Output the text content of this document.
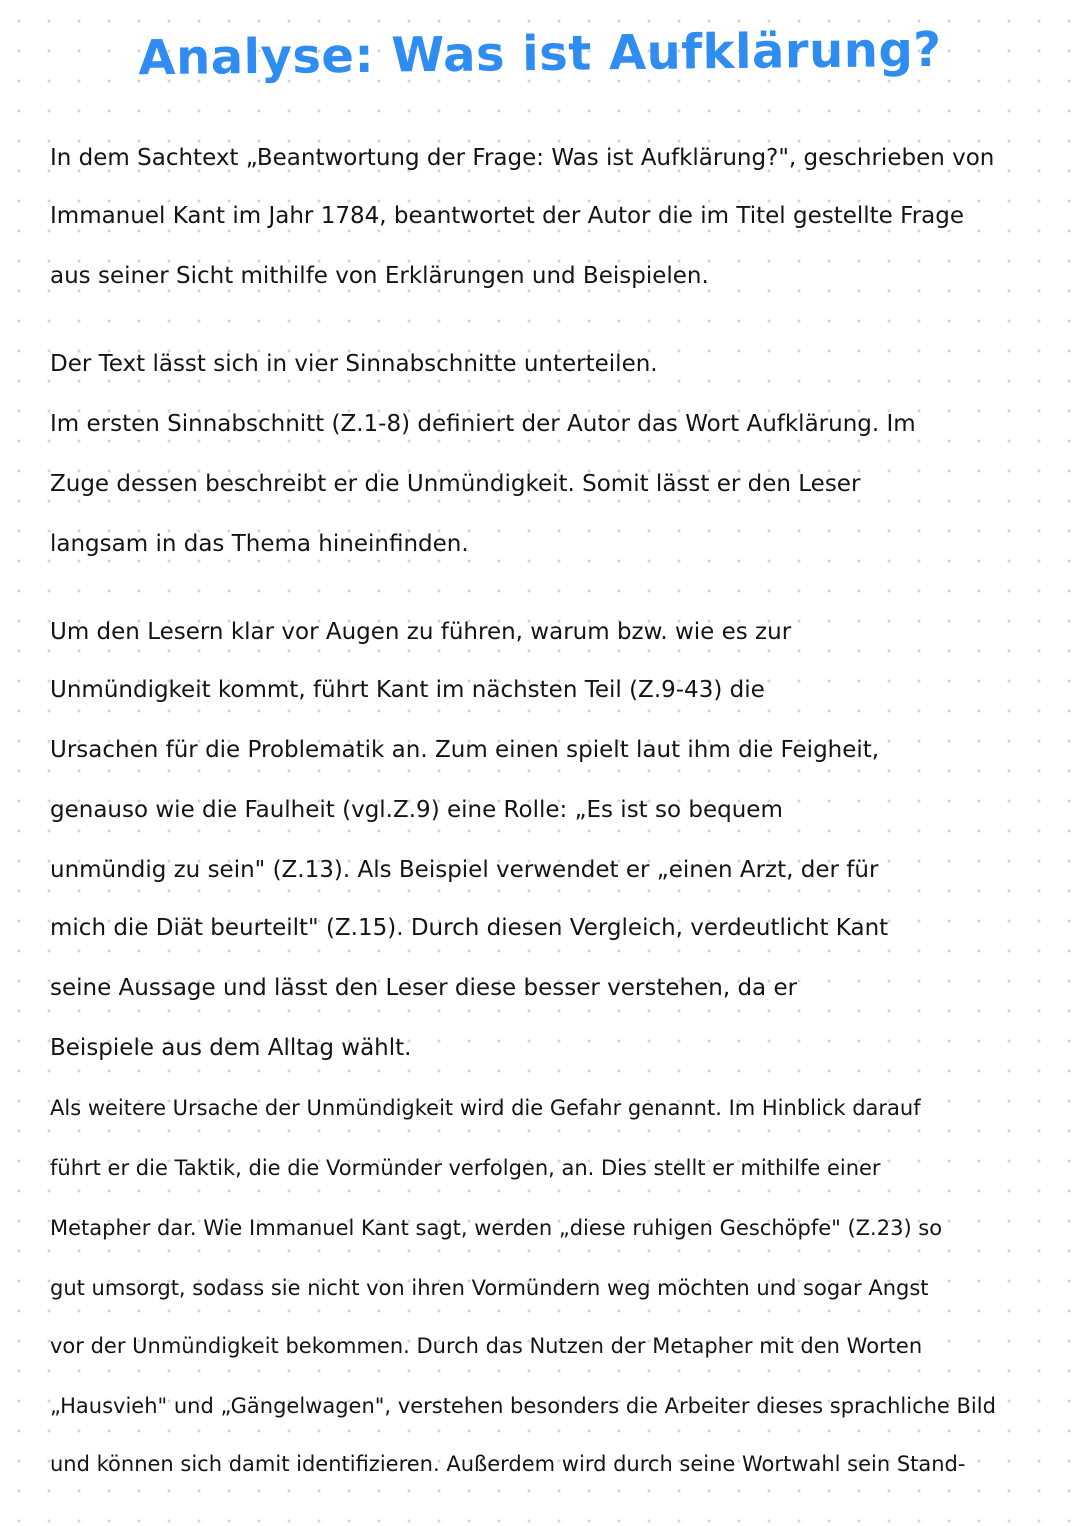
Analyse: Was ist Aufklärung?
In dem Sachtext „Beantwortung der Frage: Was ist Aufklärung?", geschrieben von
Immanuel Kant im Jahr 1784, beantwortet der Autor die im Titel gestellte Frage
aus seiner Sicht mithilfe von Erklärungen und Beispielen.
Der Text lässt sich in vier Sinnabschnitte unterteilen.
Im ersten Sinnabschnitt (Z.1-8) definiert der Autor das Wort Aufklärung. Im
Zuge dessen beschreibt er die Unmündigkeit. Somit lässt er den Leser
langsam in das Thema hineinfinden.
Um den Lesern klar vor Augen zu führen, warum bzw. wie es zur
Unmündigkeit kommt, führt Kant im nächsten Teil (Z.9-43) die
Ursachen für die Problematik an. Zum einen spielt laut ihm die Feigheit,
genauso wie die Faulheit (vgl.Z.9) eine Rolle: „Es ist so bequem
unmündig zu sein" (Z.13). Als Beispiel verwendet er „einen Arzt, der für
mich die Diät beurteilt" (Z.15). Durch diesen Vergleich, verdeutlicht Kant
seine Aussage und lässt den Leser diese besser verstehen, da er
Beispiele aus dem Alltag wählt.
Als weitere Ursache der Unmündigkeit wird die Gefahr genannt. Im Hinblick darauf
führt er die Taktik, die die Vormünder verfolgen, an. Dies stellt er mithilfe einer
Metapher dar. Wie Immanuel Kant sagt, werden „diese ruhigen Geschöpfe" (Z.23) so
gut umsorgt, sodass sie nicht von ihren Vormündern weg möchten und sogar Angst
vor der Unmündigkeit bekommen. Durch das Nutzen der Metapher mit den Worten
„Hausvieh" und „Gängelwagen", verstehen besonders die Arbeiter dieses sprachliche Bild
und können sich damit identifizieren. Außerdem wird durch seine Wortwahl sein Stand-
